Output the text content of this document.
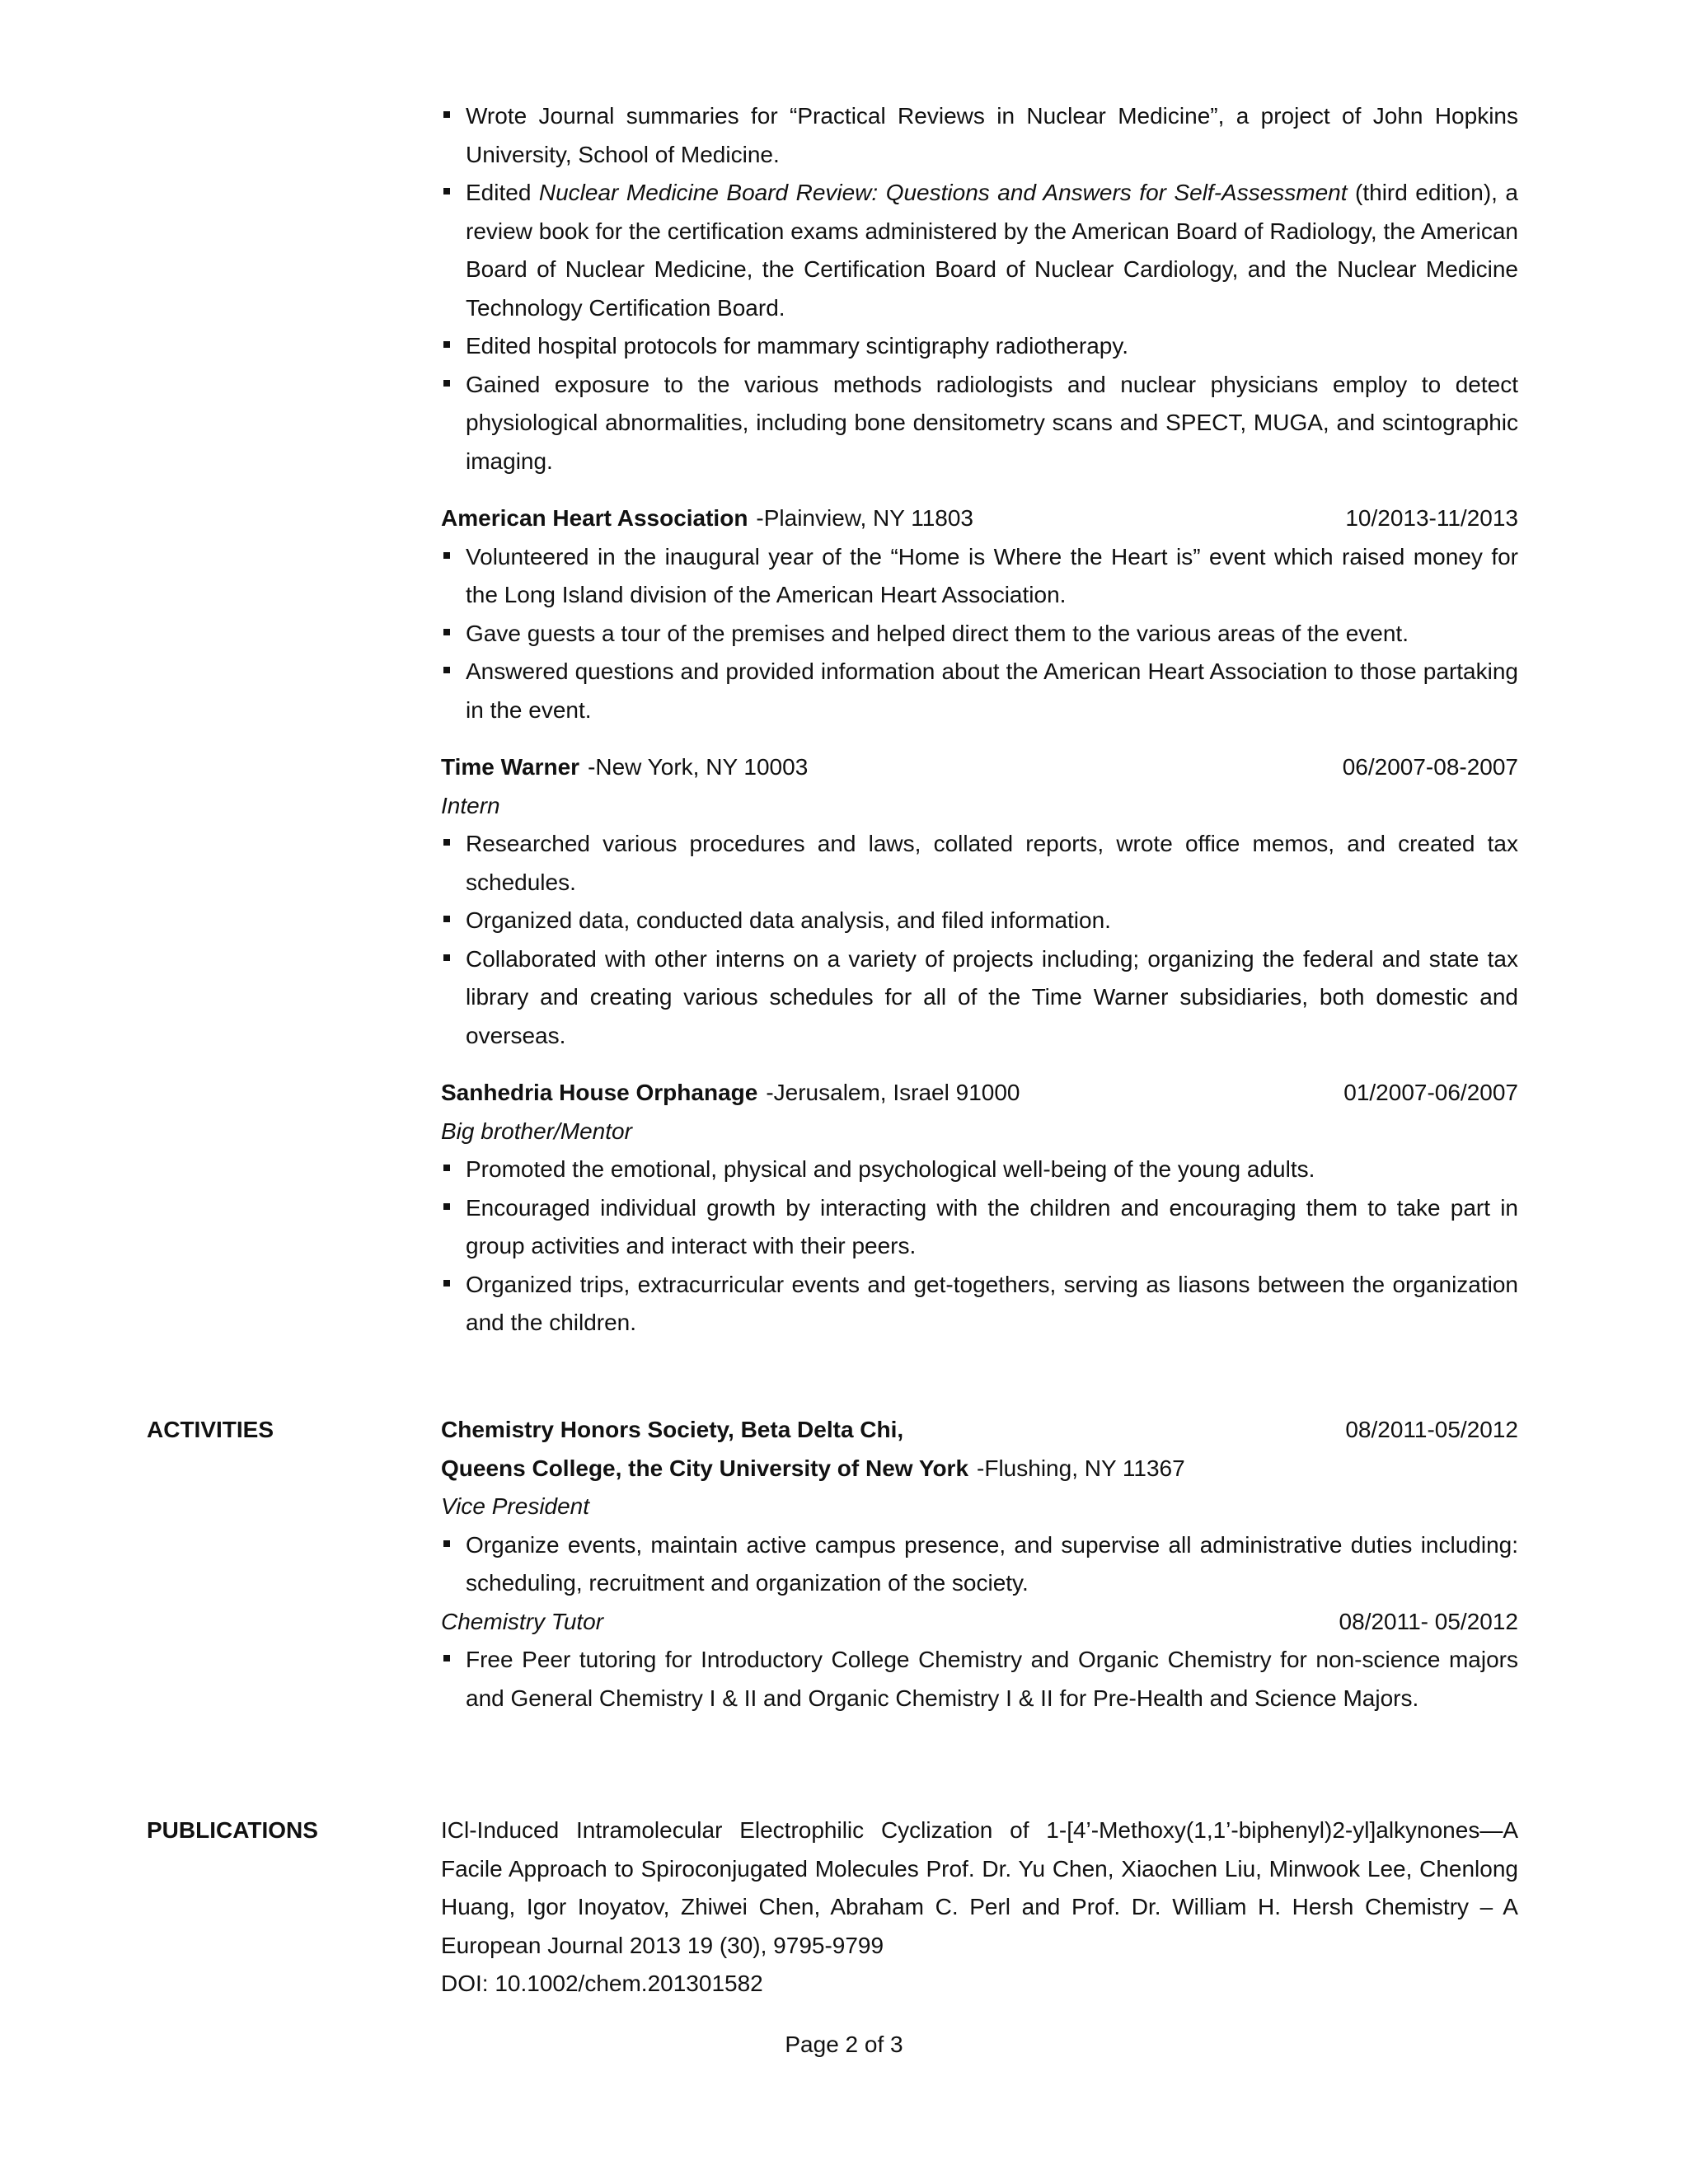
Wrote Journal summaries for “Practical Reviews in Nuclear Medicine”, a project of John Hopkins University, School of Medicine.
Edited Nuclear Medicine Board Review: Questions and Answers for Self-Assessment (third edition), a review book for the certification exams administered by the American Board of Radiology, the American Board of Nuclear Medicine, the Certification Board of Nuclear Cardiology, and the Nuclear Medicine Technology Certification Board.
Edited hospital protocols for mammary scintigraphy radiotherapy.
Gained exposure to the various methods radiologists and nuclear physicians employ to detect physiological abnormalities, including bone densitometry scans and SPECT, MUGA, and scintographic imaging.
American Heart Association -Plainview, NY 11803	10/2013-11/2013
Volunteered in the inaugural year of the “Home is Where the Heart is” event which raised money for the Long Island division of the American Heart Association.
Gave guests a tour of the premises and helped direct them to the various areas of the event.
Answered questions and provided information about the American Heart Association to those partaking in the event.
Time Warner -New York, NY 10003	06/2007-08-2007
Intern
Researched various procedures and laws, collated reports, wrote office memos, and created tax schedules.
Organized data, conducted data analysis, and filed information.
Collaborated with other interns on a variety of projects including; organizing the federal and state tax library and creating various schedules for all of the Time Warner subsidiaries, both domestic and overseas.
Sanhedria House Orphanage -Jerusalem, Israel 91000	01/2007-06/2007
Big brother/Mentor
Promoted the emotional, physical and psychological well-being of the young adults.
Encouraged individual growth by interacting with the children and encouraging them to take part in group activities and interact with their peers.
Organized trips, extracurricular events and get-togethers, serving as liasons between the organization and the children.
ACTIVITIES	Chemistry Honors Society, Beta Delta Chi,	08/2011-05/2012
Queens College, the City University of New York -Flushing, NY 11367
Vice President
Organize events, maintain active campus presence, and supervise all administrative duties including: scheduling, recruitment and organization of the society.
Chemistry Tutor	08/2011- 05/2012
Free Peer tutoring for Introductory College Chemistry and Organic Chemistry for non-science majors and General Chemistry I & II and Organic Chemistry I & II for Pre-Health and Science Majors.
PUBLICATIONS	ICl-Induced Intramolecular Electrophilic Cyclization of 1-[4’-Methoxy(1,1’-biphenyl)2-yl]alkynones—A Facile Approach to Spiroconjugated Molecules Prof. Dr. Yu Chen, Xiaochen Liu, Minwook Lee, Chenlong Huang, Igor Inoyatov, Zhiwei Chen, Abraham C. Perl and Prof. Dr. William H. Hersh Chemistry – A European Journal 2013 19 (30), 9795-9799
DOI: 10.1002/chem.201301582
Page 2 of 3
